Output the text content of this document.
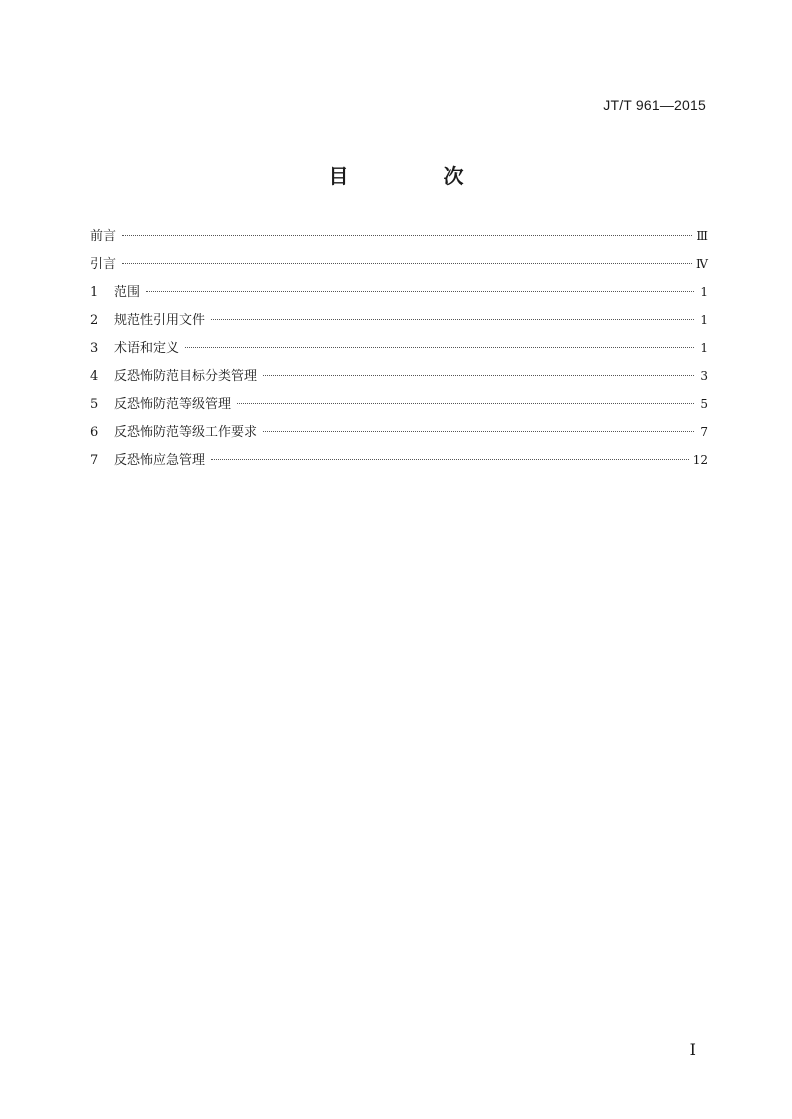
JT/T 961—2015
目 次
前言	Ⅲ
引言	Ⅳ
1	范围	1
2	规范性引用文件	1
3	术语和定义	1
4	反恐怖防范目标分类管理	3
5	反恐怖防范等级管理	5
6	反恐怖防范等级工作要求	7
7	反恐怖应急管理	12
I
